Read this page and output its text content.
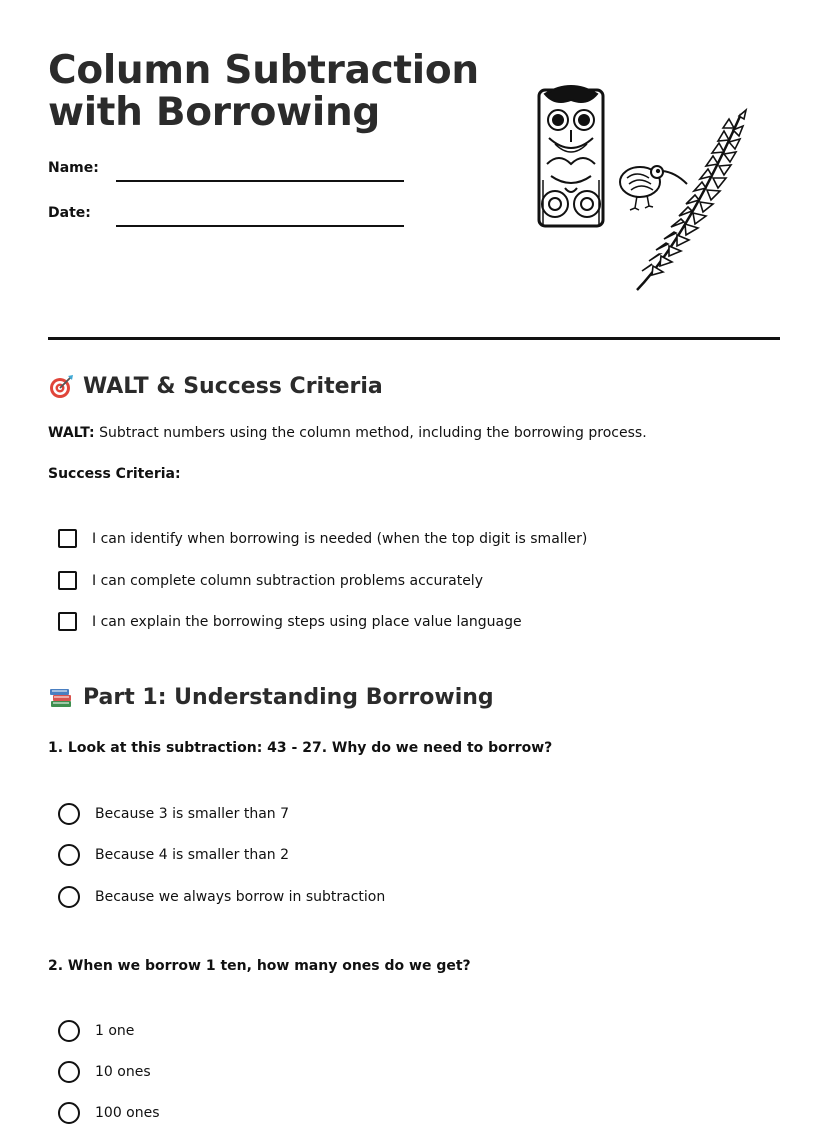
Column Subtraction
with Borrowing
Name:
Date:
WALT & Success Criteria
WALT: Subtract numbers using the column method, including the borrowing process.
Success Criteria:
I can identify when borrowing is needed (when the top digit is smaller)
I can complete column subtraction problems accurately
I can explain the borrowing steps using place value language
Part 1: Understanding Borrowing
1. Look at this subtraction: 43 - 27. Why do we need to borrow?
Because 3 is smaller than 7
Because 4 is smaller than 2
Because we always borrow in subtraction
2. When we borrow 1 ten, how many ones do we get?
1 one
10 ones
100 ones
